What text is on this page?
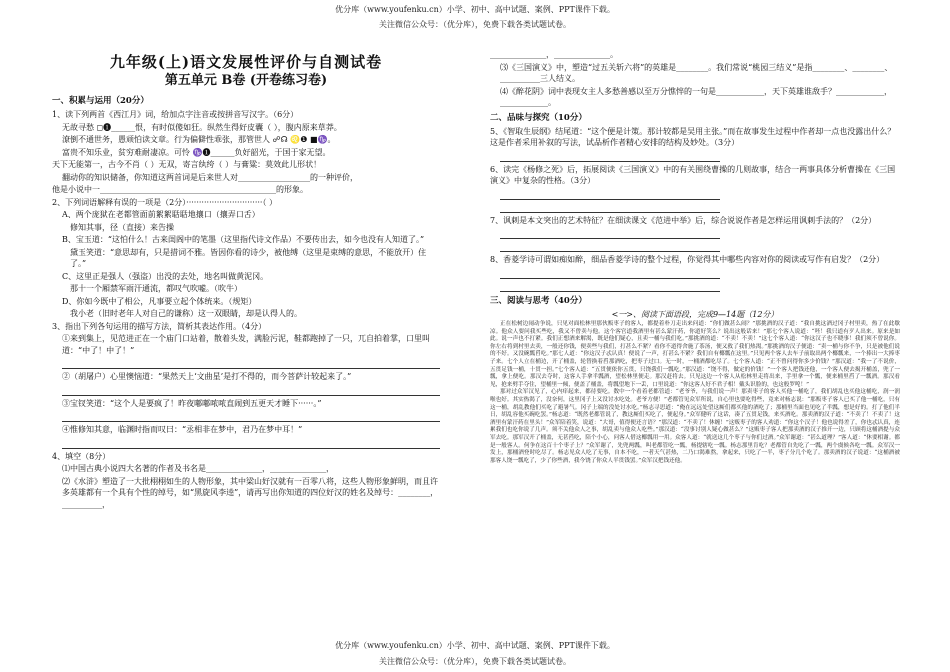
优分库（www.youfenku.cn）小学、初中、高中试题、案例、PPT课件下载。
关注微信公众号：（优分库），免费下载各类试题试卷。
九年级(上)语文发展性评价与自测试卷
第五单元 B卷 (开卷练习卷)
一、积累与运用（20分）
1、读下列两首《西江月》词，给加点字注音或按拼音写汉字。（6分）
无故寻愁 ◻❶______恨，有时似傻如狂。纵然生得好皮囊（ ），腹内原来草莽。
潦倒不通世务，愚顽怕读文章。行为偏僻性乖张，那管世人 ☍☊ ♌❶ ■♑。
富贵不知乐业，贫穷难耐凄凉。可怜 ♑❶______负好韶光，于国于家无望。
天下无能第一，古今不肖（ ）无双，寄言纨绔（ ）与膏粱：莫效此儿形状！
翻动你的知识储备，你知道这两首词是后来世人对__________________的一种评价，
他是小说中一____________________________________________的形象。
2、下列词语解释有误的一项是（2分）······························（ ）
A、两个庞狱在老都管面前絮絮聒聒地攘口（攘弄口舌）
修知其事，径（直接）来告操
B、宝玉道：“这怕什么！古来闺阁中的笔墨（这里指代诗文作品）不要传出去，如今也没有人知道了。”
黛玉笑道：“意思却有，只是措词不雅。皆因你看的诗少，被他缚（这里是束缚的意思，不能放开）住了。”
C、这里正是强人（强盗）出没的去处，地名叫做黄泥冈。
那十一个厢禁军雨汗通流，都叹气吹嘘。（吹牛）
D、你如今既中了相公，凡事要立起个体统来。（规矩）
我小老（旧时老年人对自己的谦称）这一双眼睛，却是认得人的。
3、指出下列各句运用的描写方法，简析其表达作用。（4分）
①来到集上，见范进正在一个庙门口站着，散着头发，满脸污泥，鞋都跑掉了一只，兀自拍着掌，口里叫道：“中了！中了！”
②（胡屠户）心里懊恼道：“果然天上‘文曲星’是打不得的，而今菩萨计较起来了。”
③宝钗笑道：“这个人是要疯了！昨夜嘟嘟哝哝直闹到五更天才睡下······。”
④惟修知其意，临渊时指而叹曰：“丞相非在梦中，君乃在梦中耳！”
4、填空（8分）
⑴中国古典小说四大名著的作者及书名是______________，______________，
⑵《水浒》塑造了一大批栩栩如生的人物形象，其中梁山好汉就有一百零八将，这些人物形象鲜明，而且许多英雄都有一个具有个性的绰号，如“黑旋风李逵”，请再写出你知道的四位好汉的姓名及绰号：________，__________，
______________，______________。
⑶《三国演义》中，塑造“过五关斩六将”的英雄是________。我们常说“桃园三结义”是指________、________、__________三人结义。
⑷《醉花阴》词中表现女主人多愁善感以至万分憔悴的一句是____________，天下英雄谁敌手？____________，____________。
二、品味与探究（10分）
5、《智取生辰纲》结尾道：“这个便是计策。那计较都是吴用主张。”而在故事发生过程中作者却一点也没露出什么？这是作者采用补叙的写法，试品析作者精心安排的结构及妙处。（3分）
6、读完《杨修之死》后，拓展阅读《三国演义》中的有关围绕曹操的几则故事，结合一两事具体分析曹操在《三国演义》中复杂的性格。（3分）
7、讽刺是本文突出的艺术特征？在细读课文《范进中举》后，综合说说作者是怎样运用讽刺手法的？（2分）
8、香菱学诗可谓如痴如醉，细品香菱学诗的整个过程，你觉得其中哪些内容对你的阅读或写作有启发？（2分）
三、阅读与思考（40分）
<一>、阅读下面语段，完成9—14题（12分）
正在松树边闹动争说，只见对面松林里那伙贩枣子的客人，都提着朴刀走出来问道：“你们做甚么闹？”那挑酒的汉子道：“我自挑这酒过冈子村里卖，热了在此歇凉。他众人要问我买些吃，我又不曾卖与他。这个客官道我酒里有甚么蒙汗药，你道好笑么？说出这般话来！”那七个客人说道：“呸！我只道有歹人出来。原来是如此。说一声也不打紧。我们正想酒来解渴，既是他们疑心，且卖一桶与我们吃。”那挑酒的道：“不卖！不卖！”这七个客人道：“你这汉子也不晓事！我们须不曾说你。你左右将到村里去卖，一般还你钱，便卖些与我们，打甚么不紧？看你不道得舍施了茶汤，便又救了我们热渴。”那挑酒的汉子便道：“卖一桶与你不争，只是被他们说的不好。又没碗瓢舀吃。”那七人道：“你这汉子忒认真！便说了一声，打甚么不紧？我们自有椰瓢在这里。”只见两个客人去车子前取出两个椰瓢来，一个捧出一大捧枣子来。七个人立在桶边，开了桶盖，轮替换着舀那酒吃，把枣子过口。无一时，一桶酒都吃尽了。七个客人道：“正不曾问得你多少价钱？”那汉道：“我一了不说价，五贯足钱一桶，十贯一担。”七个客人道：“五贯便依你五贯，只饶我们一瓢吃。”那汉道：“饶不得，做定的价钱！”一个客人把钱还他，一个客人便去揭开桶盖，兜了一瓢，拿上便吃。那汉去夺时，这客人手拿半瓢酒，望松林里便走。那汉赶将去。只见这边一个客人从松林里走将出来，手里拿一个瓢，便来桶里舀了一瓢酒。那汉看见，抢来劈手夺住，望桶里一倾，便盖了桶盖，将瓢望地下一丢，口里说道：“你这客人好不君子相！戴头识脸的，也这般罗唣！”
那对过众军汉见了，心内痒起来，都待要吃。数中一个看着老都管道：“老爷爷，与我们说一声！那卖枣子的客人买他一桶吃了，我们胡乱也买他这桶吃，润一润喉也好。其实热渴了，没奈何，这里冈子上又没讨水吃处。老爷方便！”老都管见众军所说，自心里也要吃得些，竟来对杨志说：“那贩枣子客人已买了他一桶吃，只有这一桶，胡乱教他们买吃了避暑气。冈子上端的没处讨水吃。”杨志寻思道：“俺在远远处望这厮们都买他的酒吃了；那桶里当面也见吃了半瓢，想是好的。打了他们半日，胡乱容他买碗吃罢。”杨志道：“既然老都管说了，教这厮们买吃了，便起身。”众军健听了这话，凑了五贯足钱，来买酒吃。那卖酒的汉子道：“不卖了！不卖了！这酒里有蒙汗药在里头！”众军陪着笑，说道：“大哥，值得便还言语？”那汉道：“不卖了！休缠！”这贩枣子的客人劝道：“你这个汉子！他也说得差了，你也忒认真，连累我们也吃你说了几声。须不关他众人之事，胡乱卖与他众人吃些。”那汉道：“没事讨别人疑心做甚么？”这贩枣子客人把那卖酒的汉子推开一边，只顾将这桶酒提与众军去吃。那军汉开了桶盖，无甚舀吃，陪个小心，问客人借这椰瓢用一用。众客人道：“就送这几个枣子与你们过酒。”众军谢道：“甚么道理？”客人道：“休要相谢。都是一般客人。何争在这百十个枣子上？”众军谢了，先兜两瓢，叫老都管吃一瓢，杨提辖吃一瓢。杨志那里肯吃？老都管自先吃了一瓢，两个虞候各吃一瓢。众军汉一发上，那桶酒登时吃尽了。杨志见众人吃了无事，自本不吃，一者天气甚热，二乃口渴难熬，拿起来，只吃了一半，枣子分几个吃了。那卖酒的汉子说道：“这桶酒被那客人饶一瓢吃了，少了你些酒，我今饶了你众人半贯钱罢。”众军汉把钱还他。
优分库（www.youfenku.cn）小学、初中、高中试题、案例、PPT课件下载。
关注微信公众号：（优分库），免费下载各类试题试卷。
